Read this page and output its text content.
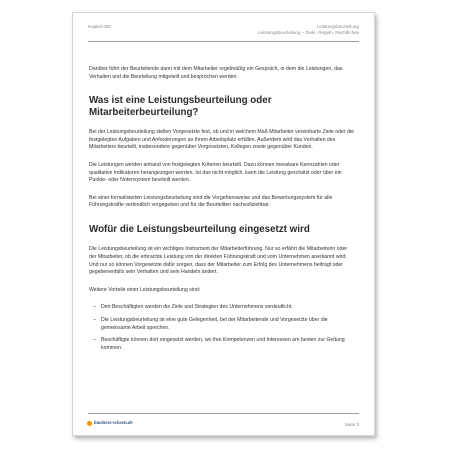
Kapitel 000	Leistungsbeurteilung
Leistungsbeurteilung – Ziele, Regeln, Rechtliches

Darüber führt der Beurteilende dann mit dem Mitarbeiter regelmäßig ein Gespräch, in dem die Leistungen, das Verhalten und die Beurteilung mitgeteilt und besprochen werden.

Was ist eine Leistungsbeurteilung oder Mitarbeiterbeurteilung?

Bei der Leistungsbeurteilung stellen Vorgesetzte fest, ob und in welchem Maß Mitarbeiter vereinbarte Ziele oder die festgelegten Aufgaben und Anforderungen an ihrem Arbeitsplatz erfüllen. Außerdem wird das Verhalten des Mitarbeiters beurteilt, insbesondere gegenüber Vorgesetzten, Kollegen sowie gegenüber Kunden.

Die Leistungen werden anhand von festgelegten Kriterien beurteilt. Dazu können messbare Kennzahlen oder qualitative Indikatoren herangezogen werden. Ist das nicht möglich, kann die Leistung geschätzt oder über ein Punkte- oder Notensystem beurteilt werden.

Bei einer formalisierten Leistungsbeurteilung sind die Vorgehensweise und das Bewertungssystem für alle Führungskräfte verbindlich vorgegeben und für die Beurteilten nachvollziehbar.

Wofür die Leistungsbeurteilung eingesetzt wird

Die Leistungsbeurteilung ist ein wichtiges Instrument der Mitarbeiterführung. Nur so erfährt die Mitarbeiterin oder der Mitarbeiter, ob die erbrachte Leistung von der direkten Führungskraft und vom Unternehmen anerkannt wird. Und nur so können Vorgesetzte dafür sorgen, dass der Mitarbeiter zum Erfolg des Unternehmens beiträgt oder gegebenenfalls sein Verhalten und sein Handeln ändert.

Weitere Vorteile einer Leistungsbeurteilung sind:

– Den Beschäftigten werden die Ziele und Strategien des Unternehmens verdeutlicht.
– Die Leistungsbeurteilung ist eine gute Gelegenheit, bei der Mitarbeitende und Vorgesetzte über die gemeinsame Arbeit sprechen.
– Beschäftigte können dort eingesetzt werden, wo ihre Kompetenzen und Interessen am besten zur Geltung kommen.
business-wissen.de	Seite 3
